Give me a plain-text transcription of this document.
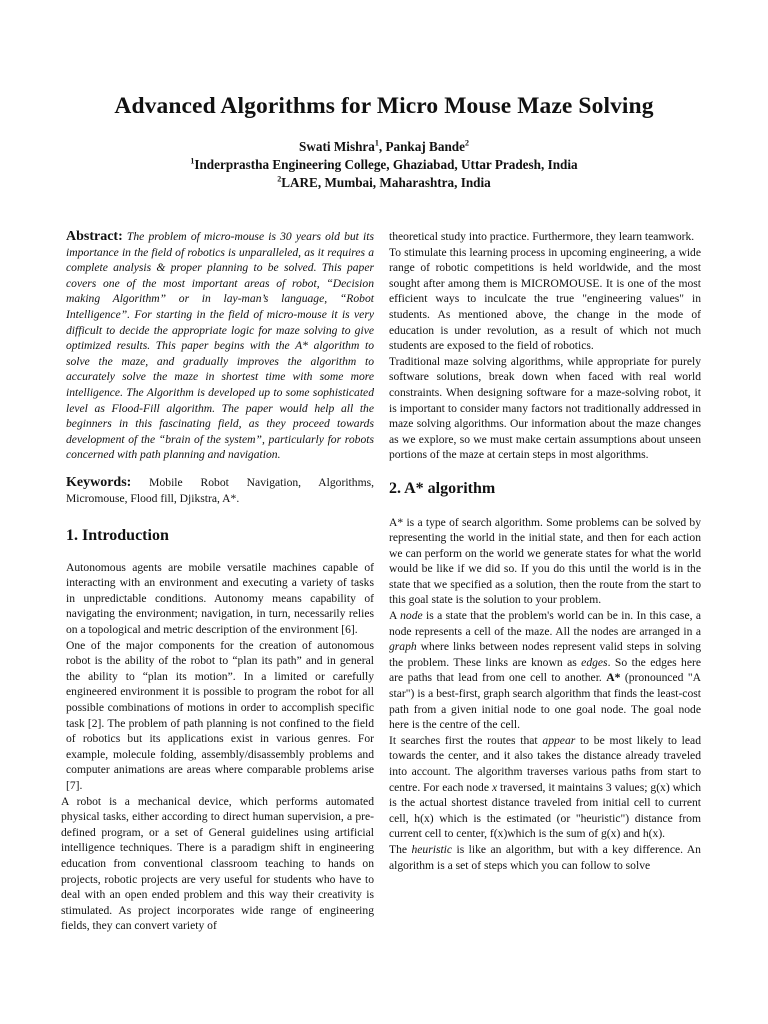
Advanced Algorithms for Micro Mouse Maze Solving
Swati Mishra$^1$, Pankaj Bande$^2$
$^1$Inderprastha Engineering College, Ghaziabad, Uttar Pradesh, India
$^2$LARE, Mumbai, Maharashtra, India

Abstract: The problem of micro-mouse is 30 years old but its importance in the field of robotics is unparalleled, as it requires a complete analysis & proper planning to be solved. This paper covers one of the most important areas of robot, “Decision making Algorithm” or in lay-man’s language, “Robot Intelligence”. For starting in the field of micro-mouse it is very difficult to decide the appropriate logic for maze solving to give optimized results. This paper begins with the A* algorithm to solve the maze, and gradually improves the algorithm to accurately solve the maze in shortest time with some more intelligence. The Algorithm is developed up to some sophisticated level as Flood-Fill algorithm. The paper would help all the beginners in this fascinating field, as they proceed towards development of the “brain of the system”, particularly for robots concerned with path planning and navigation.

Keywords: Mobile Robot Navigation, Algorithms, Micromouse, Flood fill, Djikstra, A*.

1. Introduction

Autonomous agents are mobile versatile machines capable of interacting with an environment and executing a variety of tasks in unpredictable conditions. Autonomy means capability of navigating the environment; navigation, in turn, necessarily relies on a topological and metric description of the environment [6].

One of the major components for the creation of autonomous robot is the ability of the robot to “plan its path” and in general the ability to “plan its motion”. In a limited or carefully engineered environment it is possible to program the robot for all possible combinations of motions in order to accomplish specific task [2]. The problem of path planning is not confined to the field of robotics but its applications exist in various genres. For example, molecule folding, assembly/disassembly problems and computer animations are areas where comparable problems arise [7].

A robot is a mechanical device, which performs automated physical tasks, either according to direct human supervision, a pre-defined program, or a set of General guidelines using artificial intelligence techniques. There is a paradigm shift in engineering education from conventional classroom teaching to hands on projects, robotic projects are very useful for students who have to deal with an open ended problem and this way their creativity is stimulated. As project incorporates wide range of engineering fields, they can convert variety of

theoretical study into practice. Furthermore, they learn teamwork.

To stimulate this learning process in upcoming engineering, a wide range of robotic competitions is held worldwide, and the most sought after among them is MICROMOUSE. It is one of the most efficient ways to inculcate the true "engineering values" in students. As mentioned above, the change in the mode of education is under revolution, as a result of which not much students are exposed to the field of robotics.

Traditional maze solving algorithms, while appropriate for purely software solutions, break down when faced with real world constraints. When designing software for a maze-solving robot, it is important to consider many factors not traditionally addressed in maze solving algorithms. Our information about the maze changes as we explore, so we must make certain assumptions about unseen portions of the maze at certain steps in most algorithms.

2. A* algorithm

A* is a type of search algorithm. Some problems can be solved by representing the world in the initial state, and then for each action we can perform on the world we generate states for what the world would be like if we did so. If you do this until the world is in the state that we specified as a solution, then the route from the start to this goal state is the solution to your problem.

A node is a state that the problem's world can be in. In this case, a node represents a cell of the maze. All the nodes are arranged in a graph where links between nodes represent valid steps in solving the problem. These links are known as edges. So the edges here are paths that lead from one cell to another. A* (pronounced "A star") is a best-first, graph search algorithm that finds the least-cost path from a given initial node to one goal node. The goal node here is the centre of the cell.

It searches first the routes that appear to be most likely to lead towards the center, and it also takes the distance already traveled into account. The algorithm traverses various paths from start to centre. For each node x traversed, it maintains 3 values; g(x) which is the actual shortest distance traveled from initial cell to current cell, h(x) which is the estimated (or "heuristic") distance from current cell to center, f(x)which is the sum of g(x) and h(x).

The heuristic is like an algorithm, but with a key difference. An algorithm is a set of steps which you can follow to solve
